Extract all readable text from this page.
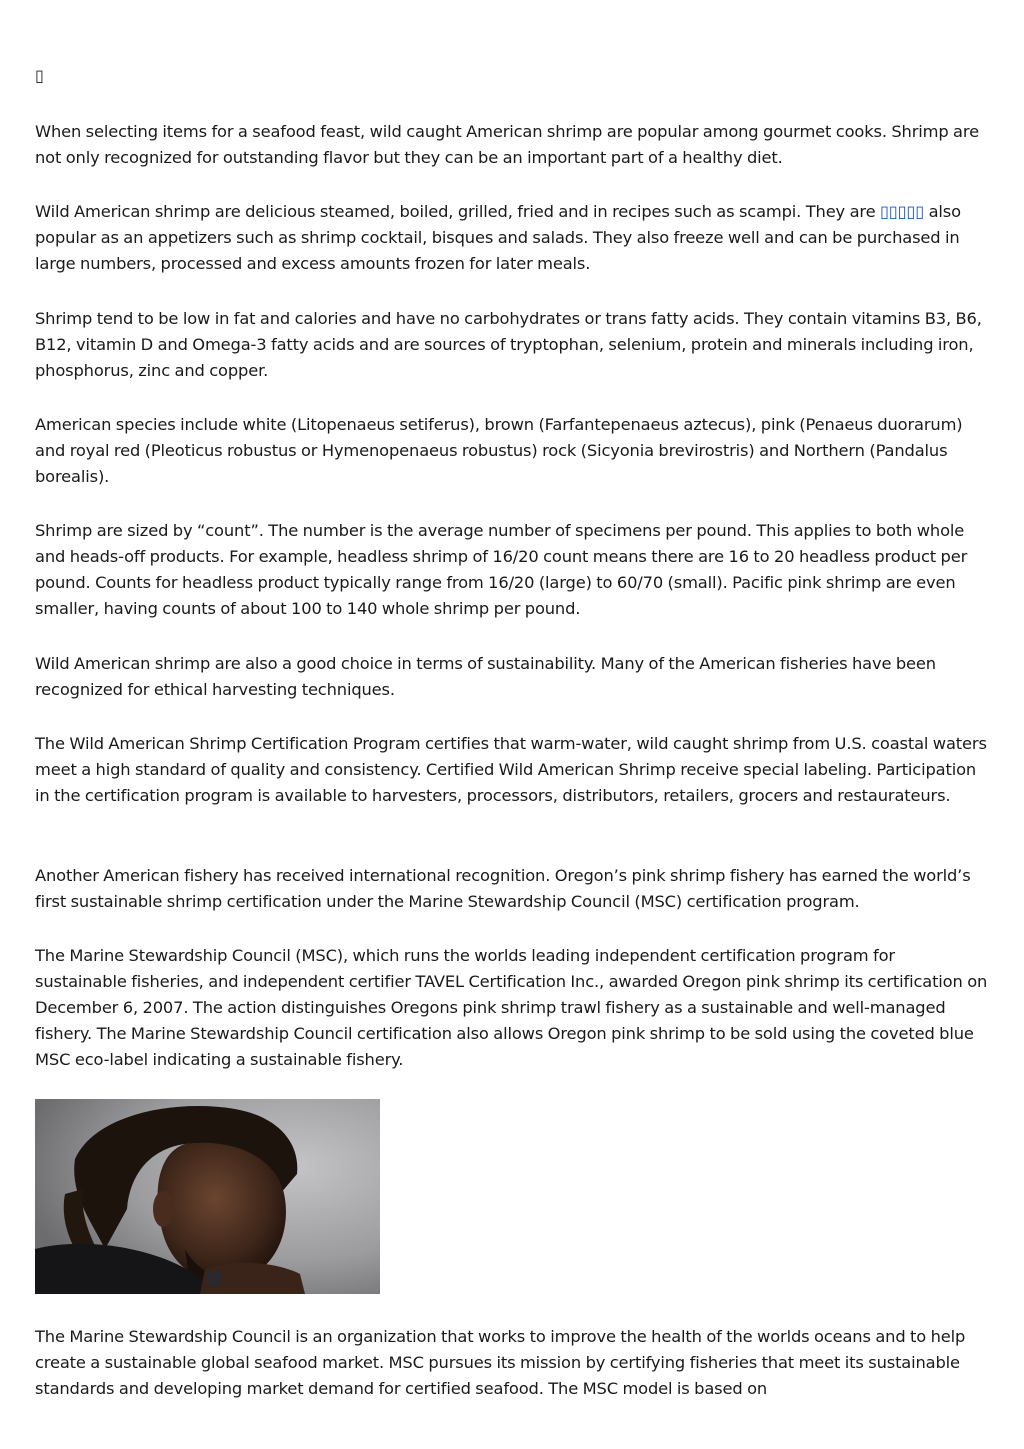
▯

When selecting items for a seafood feast, wild caught American shrimp are popular among gourmet cooks. Shrimp are not only recognized for outstanding flavor but they can be an important part of a healthy diet.

Wild American shrimp are delicious steamed, boiled, grilled, fried and in recipes such as scampi. They are ▯▯▯▯▯ also popular as an appetizers such as shrimp cocktail, bisques and salads. They also freeze well and can be purchased in large numbers, processed and excess amounts frozen for later meals.

Shrimp tend to be low in fat and calories and have no carbohydrates or trans fatty acids. They contain vitamins B3, B6, B12, vitamin D and Omega-3 fatty acids and are sources of tryptophan, selenium, protein and minerals including iron, phosphorus, zinc and copper.

American species include white (Litopenaeus setiferus), brown (Farfantepenaeus aztecus), pink (Penaeus duorarum) and royal red (Pleoticus robustus or Hymenopenaeus robustus) rock (Sicyonia brevirostris) and Northern (Pandalus borealis).

Shrimp are sized by “count”. The number is the average number of specimens per pound. This applies to both whole and heads-off products. For example, headless shrimp of 16/20 count means there are 16 to 20 headless product per pound. Counts for headless product typically range from 16/20 (large) to 60/70 (small). Pacific pink shrimp are even smaller, having counts of about 100 to 140 whole shrimp per pound.

Wild American shrimp are also a good choice in terms of sustainability. Many of the American fisheries have been recognized for ethical harvesting techniques.

The Wild American Shrimp Certification Program certifies that warm-water, wild caught shrimp from U.S. coastal waters meet a high standard of quality and consistency. Certified Wild American Shrimp receive special labeling. Participation in the certification program is available to harvesters, processors, distributors, retailers, grocers and restaurateurs.

Another American fishery has received international recognition. Oregon’s pink shrimp fishery has earned the world’s first sustainable shrimp certification under the Marine Stewardship Council (MSC) certification program.

The Marine Stewardship Council (MSC), which runs the worlds leading independent certification program for sustainable fisheries, and independent certifier TAVEL Certification Inc., awarded Oregon pink shrimp its certification on December 6, 2007. The action distinguishes Oregons pink shrimp trawl fishery as a sustainable and well-managed fishery. The Marine Stewardship Council certification also allows Oregon pink shrimp to be sold using the coveted blue MSC eco-label indicating a sustainable fishery.

The Marine Stewardship Council is an organization that works to improve the health of the worlds oceans and to help create a sustainable global seafood market. MSC pursues its mission by certifying fisheries that meet its sustainable standards and developing market demand for certified seafood. The MSC model is based on
